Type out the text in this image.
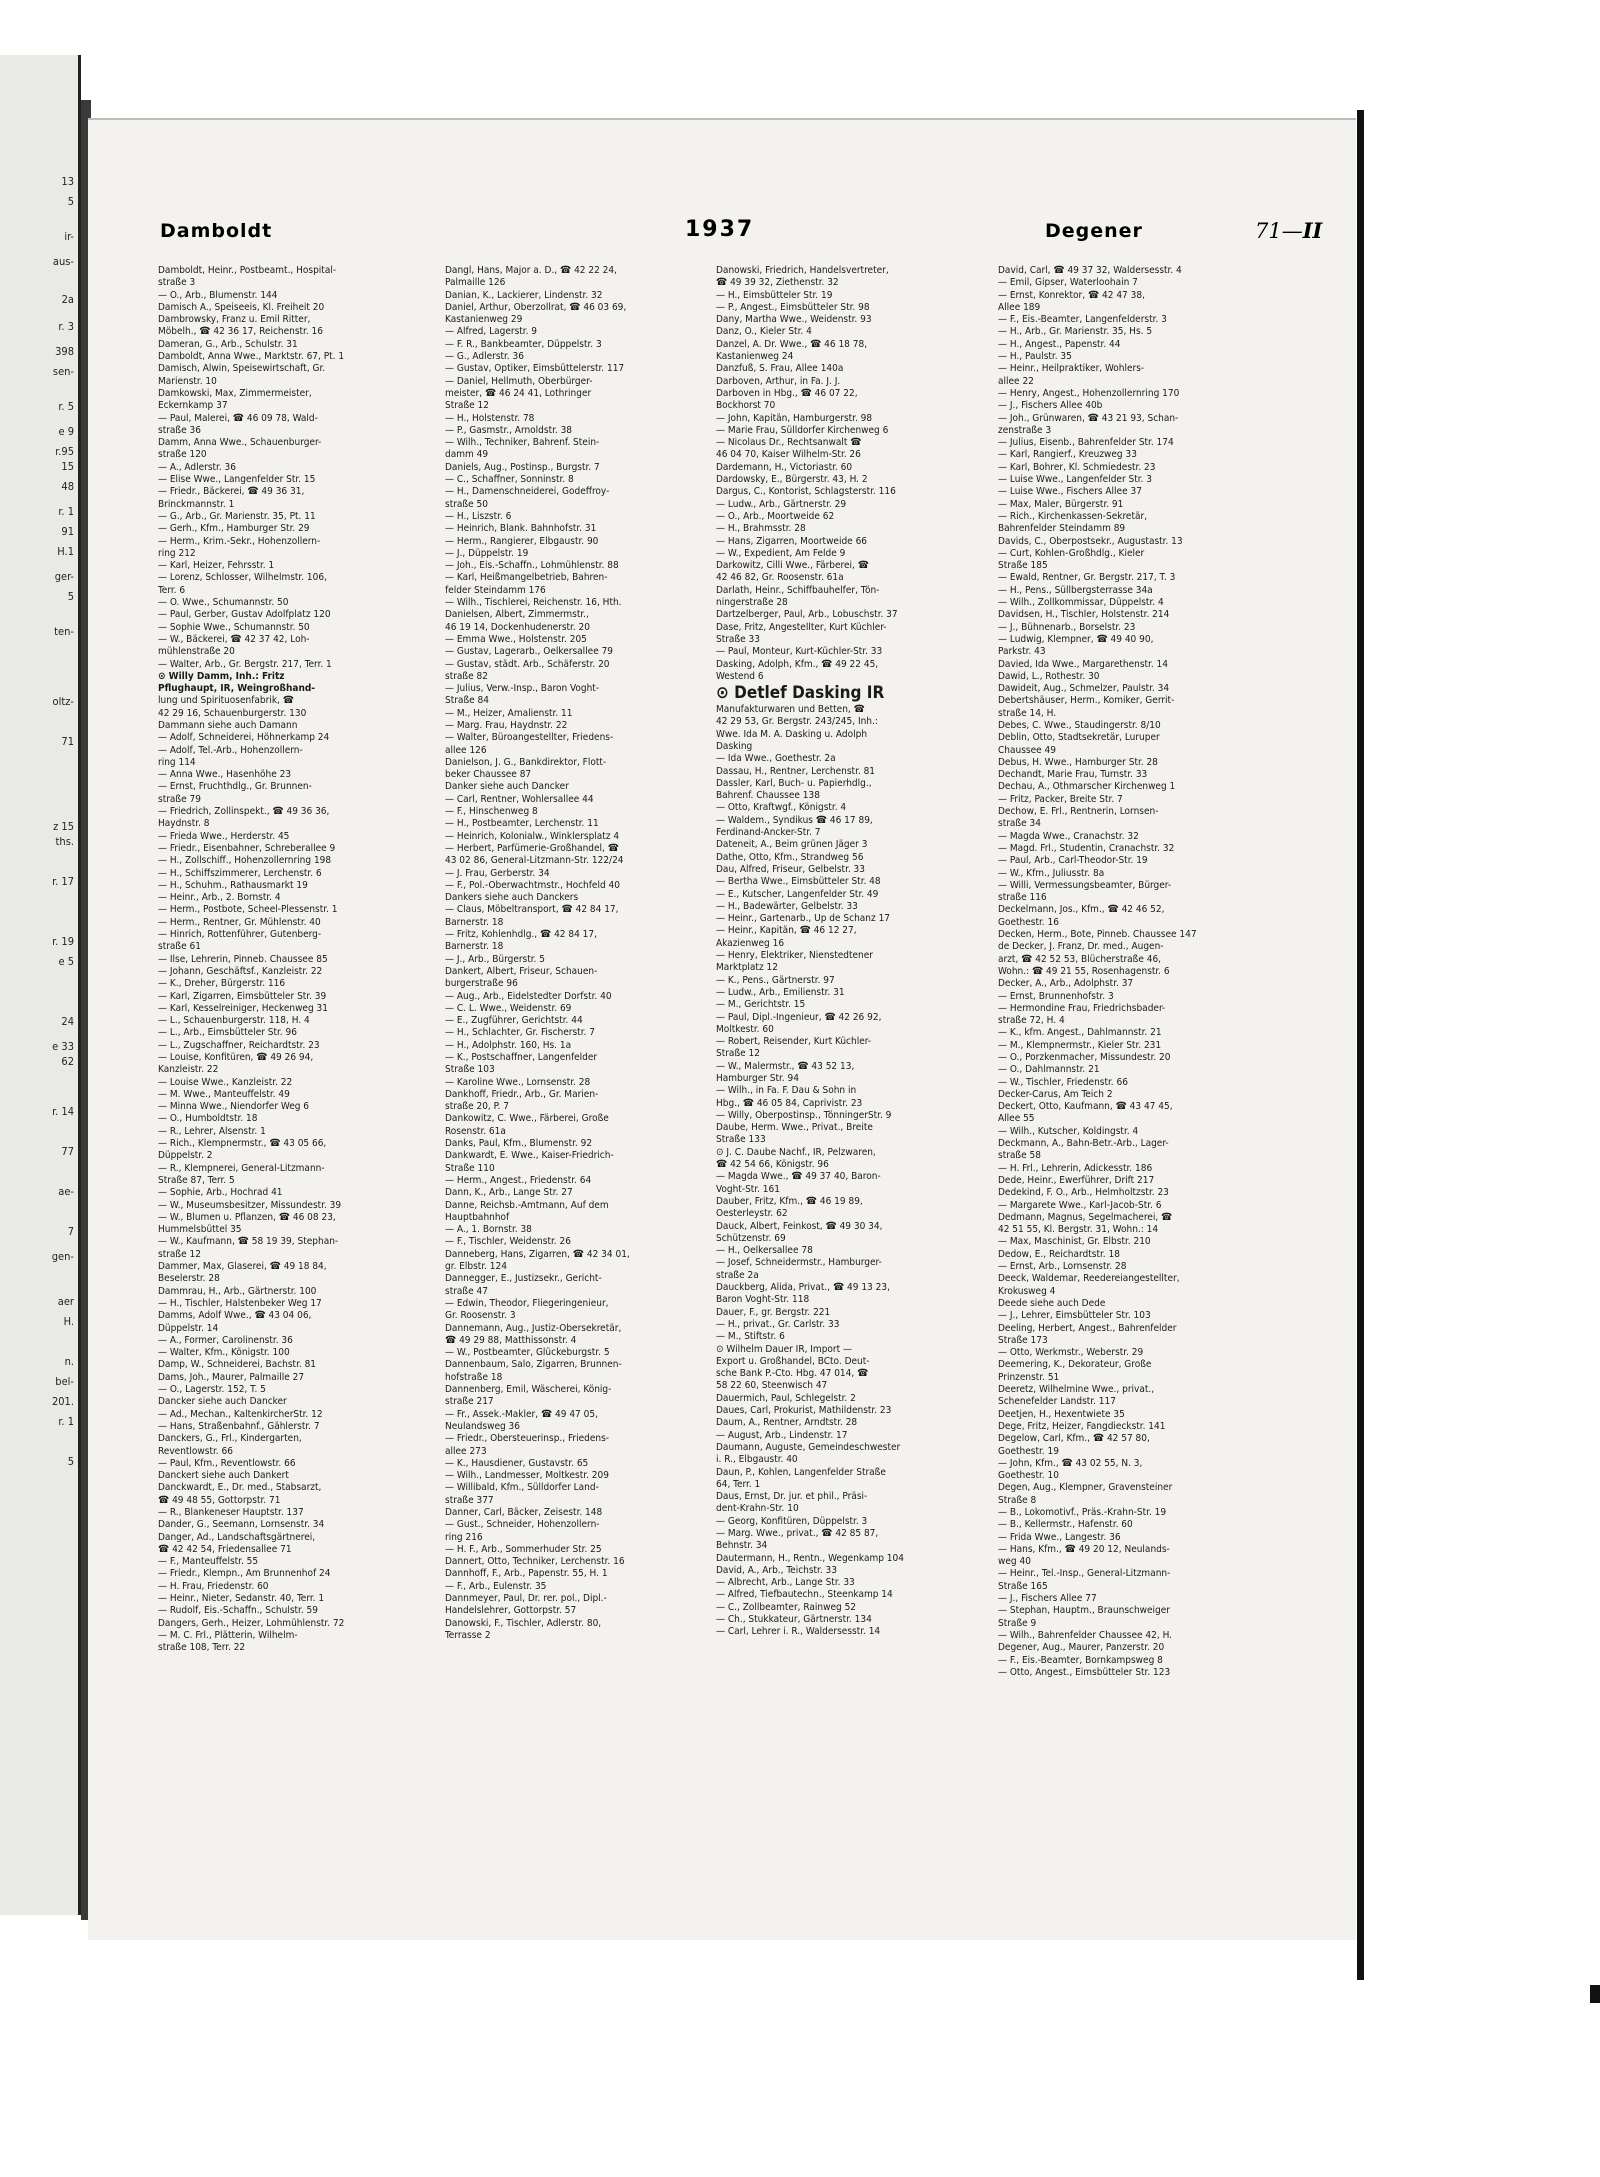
13
5
ir-
aus-
2a
r. 3
398
sen-
r. 5
e 9
r.95
15
48
r. 1
91
H.1
ger-
5
ten-
oltz-
71
z 15
ths.
r. 17
r. 19
e 5
24
e 33
62
r. 14
77
ae-
7
gen-
aer
H.
n.
bel-
201.
r. 1
5
Damboldt	1937	Degener	71—II
Damboldt, Heinr., Postbeamt., Hospital-
straße 3
— O., Arb., Blumenstr. 144
Damisch A., Speiseeis, Kl. Freiheit 20
Dambrowsky, Franz u. Emil Ritter,
Möbelh., ☎ 42 36 17, Reichenstr. 16
Dameran, G., Arb., Schulstr. 31
Damboldt, Anna Wwe., Marktstr. 67, Pt. 1
Damisch, Alwin, Speisewirtschaft, Gr.
Marienstr. 10
Damkowski, Max, Zimmermeister,
Eckernkamp 37
— Paul, Malerei, ☎ 46 09 78, Wald-
straße 36
Damm, Anna Wwe., Schauenburger-
straße 120
— A., Adlerstr. 36
— Elise Wwe., Langenfelder Str. 15
— Friedr., Bäckerei, ☎ 49 36 31,
Brinckmannstr. 1
— G., Arb., Gr. Marienstr. 35, Pt. 11
— Gerh., Kfm., Hamburger Str. 29
— Herm., Krim.-Sekr., Hohenzollern-
ring 212
— Karl, Heizer, Fehrsstr. 1
— Lorenz, Schlosser, Wilhelmstr. 106,
Terr. 6
— O. Wwe., Schumannstr. 50
— Paul, Gerber, Gustav Adolfplatz 120
— Sophie Wwe., Schumannstr. 50
— W., Bäckerei, ☎ 42 37 42, Loh-
mühlenstraße 20
— Walter, Arb., Gr. Bergstr. 217, Terr. 1
⊙ Willy Damm, Inh.: Fritz
Pflughaupt, IR, Weingroßhand-
lung und Spirituosenfabrik, ☎
42 29 16, Schauenburgerstr. 130
Dammann siehe auch Damann
— Adolf, Schneiderei, Höhnerkamp 24
— Adolf, Tel.-Arb., Hohenzollern-
ring 114
— Anna Wwe., Hasenhöhe 23
— Ernst, Fruchthdlg., Gr. Brunnen-
straße 79
— Friedrich, Zollinspekt., ☎ 49 36 36,
Haydnstr. 8
— Frieda Wwe., Herderstr. 45
— Friedr., Eisenbahner, Schreberallee 9
— H., Zollschiff., Hohenzollernring 198
— H., Schiffszimmerer, Lerchenstr. 6
— H., Schuhm., Rathausmarkt 19
— Heinr., Arb., 2. Bornstr. 4
— Herm., Postbote, Scheel-Plessenstr. 1
— Herm., Rentner, Gr. Mühlenstr. 40
— Hinrich, Rottenführer, Gutenberg-
straße 61
— Ilse, Lehrerin, Pinneb. Chaussee 85
— Johann, Geschäftsf., Kanzleistr. 22
— K., Dreher, Bürgerstr. 116
— Karl, Zigarren, Eimsbütteler Str. 39
— Karl, Kesselreiniger, Heckenweg 31
— L., Schauenburgerstr. 118, H. 4
— L., Arb., Eimsbütteler Str. 96
— L., Zugschaffner, Reichardtstr. 23
— Louise, Konfitüren, ☎ 49 26 94,
Kanzleistr. 22
— Louise Wwe., Kanzleistr. 22
— M. Wwe., Manteuffelstr. 49
— Minna Wwe., Niendorfer Weg 6
— O., Humboldtstr. 18
— R., Lehrer, Alsenstr. 1
— Rich., Klempnermstr., ☎ 43 05 66,
Düppelstr. 2
— R., Klempnerei, General-Litzmann-
Straße 87, Terr. 5
— Sophie, Arb., Hochrad 41
— W., Museumsbesitzer, Missundestr. 39
— W., Blumen u. Pflanzen, ☎ 46 08 23,
Hummelsbüttel 35
— W., Kaufmann, ☎ 58 19 39, Stephan-
straße 12
Dammer, Max, Glaserei, ☎ 49 18 84,
Beselerstr. 28
Dammrau, H., Arb., Gärtnerstr. 100
— H., Tischler, Halstenbeker Weg 17
Damms, Adolf Wwe., ☎ 43 04 06,
Düppelstr. 14
— A., Former, Carolinenstr. 36
— Walter, Kfm., Königstr. 100
Damp, W., Schneiderei, Bachstr. 81
Dams, Joh., Maurer, Palmaille 27
— O., Lagerstr. 152, T. 5
Dancker siehe auch Dancker
— Ad., Mechan., KaltenkircherStr. 12
— Hans, Straßenbahnf., Gählerstr. 7
Danckers, G., Frl., Kindergarten,
Reventlowstr. 66
— Paul, Kfm., Reventlowstr. 66
Danckert siehe auch Dankert
Danckwardt, E., Dr. med., Stabsarzt,
☎ 49 48 55, Gottorpstr. 71
— R., Blankeneser Hauptstr. 137
Dander, G., Seemann, Lornsenstr. 34
Danger, Ad., Landschaftsgärtnerei,
☎ 42 42 54, Friedensallee 71
— F., Manteuffelstr. 55
— Friedr., Klempn., Am Brunnenhof 24
— H. Frau, Friedenstr. 60
— Heinr., Nieter, Sedanstr. 40, Terr. 1
— Rudolf, Eis.-Schaffn., Schulstr. 59
Dangers, Gerh., Heizer, Lohmühlenstr. 72
— M. C. Frl., Plätterin, Wilhelm-
straße 108, Terr. 22
Dangl, Hans, Major a. D., ☎ 42 22 24,
Palmaille 126
Danian, K., Lackierer, Lindenstr. 32
Daniel, Arthur, Oberzollrat, ☎ 46 03 69,
Kastanienweg 29
— Alfred, Lagerstr. 9
— F. R., Bankbeamter, Düppelstr. 3
— G., Adlerstr. 36
— Gustav, Optiker, Eimsbüttelerstr. 117
— Daniel, Hellmuth, Oberbürger-
meister, ☎ 46 24 41, Lothringer
Straße 12
— H., Holstenstr. 78
— P., Gasmstr., Arnoldstr. 38
— Wilh., Techniker, Bahrenf. Stein-
damm 49
Daniels, Aug., Postinsp., Burgstr. 7
— C., Schaffner, Sonninstr. 8
— H., Damenschneiderei, Godeffroy-
straße 50
— H., Liszstr. 6
— Heinrich, Blank. Bahnhofstr. 31
— Herm., Rangierer, Elbgaustr. 90
— J., Düppelstr. 19
— Joh., Eis.-Schaffn., Lohmühlenstr. 88
— Karl, Heißmangelbetrieb, Bahren-
felder Steindamm 176
— Wilh., Tischlerei, Reichenstr. 16, Hth.
Danielsen, Albert, Zimmermstr.,
46 19 14, Dockenhudenerstr. 20
— Emma Wwe., Holstenstr. 205
— Gustav, Lagerarb., Oelkersallee 79
— Gustav, städt. Arb., Schäferstr. 20
straße 82
— Julius, Verw.-Insp., Baron Voght-
Straße 84
— M., Heizer, Amalienstr. 11
— Marg. Frau, Haydnstr. 22
— Walter, Büroangestellter, Friedens-
allee 126
Danielson, J. G., Bankdirektor, Flott-
beker Chaussee 87
Danker siehe auch Dancker
— Carl, Rentner, Wohlersallee 44
— F., Hinschenweg 8
— H., Postbeamter, Lerchenstr. 11
— Heinrich, Kolonialw., Winklersplatz 4
— Herbert, Parfümerie-Großhandel, ☎
43 02 86, General-Litzmann-Str. 122/24
— J. Frau, Gerberstr. 34
— F., Pol.-Oberwachtmstr., Hochfeld 40
Dankers siehe auch Danckers
— Claus, Möbeltransport, ☎ 42 84 17,
Barnerstr. 18
— Fritz, Kohlenhdlg., ☎ 42 84 17,
Barnerstr. 18
— J., Arb., Bürgerstr. 5
Dankert, Albert, Friseur, Schauen-
burgerstraße 96
— Aug., Arb., Eidelstedter Dorfstr. 40
— C. L. Wwe., Weidenstr. 69
— E., Zugführer, Gerichtstr. 44
— H., Schlachter, Gr. Fischerstr. 7
— H., Adolphstr. 160, Hs. 1a
— K., Postschaffner, Langenfelder
Straße 103
— Karoline Wwe., Lornsenstr. 28
Dankhoff, Friedr., Arb., Gr. Marien-
straße 20, P. 7
Dankowitz, C. Wwe., Färberei, Große
Rosenstr. 61a
Danks, Paul, Kfm., Blumenstr. 92
Dankwardt, E. Wwe., Kaiser-Friedrich-
Straße 110
— Herm., Angest., Friedenstr. 64
Dann, K., Arb., Lange Str. 27
Danne, Reichsb.-Amtmann, Auf dem
Hauptbahnhof
— A., 1. Bornstr. 38
— F., Tischler, Weidenstr. 26
Danneberg, Hans, Zigarren, ☎ 42 34 01,
gr. Elbstr. 124
Dannegger, E., Justizsekr., Gericht-
straße 47
— Edwin, Theodor, Fliegeringenieur,
Gr. Roosenstr. 3
Dannemann, Aug., Justiz-Obersekretär,
☎ 49 29 88, Matthissonstr. 4
— W., Postbeamter, Glückeburgstr. 5
Dannenbaum, Salo, Zigarren, Brunnen-
hofstraße 18
Dannenberg, Emil, Wäscherei, König-
straße 217
— Fr., Assek.-Makler, ☎ 49 47 05,
Neulandsweg 36
— Friedr., Obersteuerinsp., Friedens-
allee 273
— K., Hausdiener, Gustavstr. 65
— Wilh., Landmesser, Moltkestr. 209
— Willibald, Kfm., Sülldorfer Land-
straße 377
Danner, Carl, Bäcker, Zeisestr. 148
— Gust., Schneider, Hohenzollern-
ring 216
— H. F., Arb., Sommerhuder Str. 25
Dannert, Otto, Techniker, Lerchenstr. 16
Dannhoff, F., Arb., Papenstr. 55, H. 1
— F., Arb., Eulenstr. 35
Dannmeyer, Paul, Dr. rer. pol., Dipl.-
Handelslehrer, Gottorpstr. 57
Danowski, F., Tischler, Adlerstr. 80,
Terrasse 2
Danowski, Friedrich, Handelsvertreter,
☎ 49 39 32, Ziethenstr. 32
— H., Eimsbütteler Str. 19
— P., Angest., Eimsbütteler Str. 98
Dany, Martha Wwe., Weidenstr. 93
Danz, O., Kieler Str. 4
Danzel, A. Dr. Wwe., ☎ 46 18 78,
Kastanienweg 24
Danzfuß, S. Frau, Allee 140a
Darboven, Arthur, in Fa. J. J.
Darboven in Hbg., ☎ 46 07 22,
Bockhorst 70
— John, Kapitän, Hamburgerstr. 98
— Marie Frau, Sülldorfer Kirchenweg 6
— Nicolaus Dr., Rechtsanwalt ☎
46 04 70, Kaiser Wilhelm-Str. 26
Dardemann, H., Victoriastr. 60
Dardowsky, E., Bürgerstr. 43, H. 2
Dargus, C., Kontorist, Schlagsterstr. 116
— Ludw., Arb., Gärtnerstr. 29
— O., Arb., Moortweide 62
— H., Brahmsstr. 28
— Hans, Zigarren, Moortweide 66
— W., Expedient, Am Felde 9
Darkowitz, Cilli Wwe., Färberei, ☎
42 46 82, Gr. Roosenstr. 61a
Darlath, Heinr., Schiffbauhelfer, Tön-
ningerstraße 28
Dartzelberger, Paul, Arb., Lobuschstr. 37
Dase, Fritz, Angestellter, Kurt Küchler-
Straße 33
— Paul, Monteur, Kurt-Küchler-Str. 33
Dasking, Adolph, Kfm., ☎ 49 22 45,
Westend 6
⊙ Detlef Dasking IR
Manufakturwaren und Betten, ☎
42 29 53, Gr. Bergstr. 243/245, Inh.:
Wwe. Ida M. A. Dasking u. Adolph
Dasking
— Ida Wwe., Goethestr. 2a
Dassau, H., Rentner, Lerchenstr. 81
Dassler, Karl, Buch- u. Papierhdlg.,
Bahrenf. Chaussee 138
— Otto, Kraftwgf., Königstr. 4
— Waldem., Syndikus ☎ 46 17 89,
Ferdinand-Ancker-Str. 7
Dateneit, A., Beim grünen Jäger 3
Dathe, Otto, Kfm., Strandweg 56
Dau, Alfred, Friseur, Gelbelstr. 33
— Bertha Wwe., Eimsbütteler Str. 48
— E., Kutscher, Langenfelder Str. 49
— H., Badewärter, Gelbelstr. 33
— Heinr., Gartenarb., Up de Schanz 17
— Heinr., Kapitän, ☎ 46 12 27,
Akazienweg 16
— Henry, Elektriker, Nienstedtener
Marktplatz 12
— K., Pens., Gärtnerstr. 97
— Ludw., Arb., Emilienstr. 31
— M., Gerichtstr. 15
— Paul, Dipl.-Ingenieur, ☎ 42 26 92,
Moltkestr. 60
— Robert, Reisender, Kurt Küchler-
Straße 12
— W., Malermstr., ☎ 43 52 13,
Hamburger Str. 94
— Wilh., in Fa. F. Dau & Sohn in
Hbg., ☎ 46 05 84, Caprivistr. 23
— Willy, Oberpostinsp., TönningerStr. 9
Daube, Herm. Wwe., Privat., Breite
Straße 133
⊙ J. C. Daube Nachf., IR, Pelzwaren,
☎ 42 54 66, Königstr. 96
— Magda Wwe., ☎ 49 37 40, Baron-
Voght-Str. 161
Dauber, Fritz, Kfm., ☎ 46 19 89,
Oesterleystr. 62
Dauck, Albert, Feinkost, ☎ 49 30 34,
Schützenstr. 69
— H., Oelkersallee 78
— Josef, Schneidermstr., Hamburger-
straße 2a
Dauckberg, Alida, Privat., ☎ 49 13 23,
Baron Voght-Str. 118
Dauer, F., gr. Bergstr. 221
— H., privat., Gr. Carlstr. 33
— M., Stiftstr. 6
⊙ Wilhelm Dauer IR, Import —
Export u. Großhandel, BCto. Deut-
sche Bank P.-Cto. Hbg. 47 014, ☎
58 22 60, Steenwisch 47
Dauermich, Paul, Schlegelstr. 2
Daues, Carl, Prokurist, Mathildenstr. 23
Daum, A., Rentner, Arndtstr. 28
— August, Arb., Lindenstr. 17
Daumann, Auguste, Gemeindeschwester
i. R., Elbgaustr. 40
Daun, P., Kohlen, Langenfelder Straße
64, Terr. 1
Daus, Ernst, Dr. jur. et phil., Präsi-
dent-Krahn-Str. 10
— Georg, Konfitüren, Düppelstr. 3
— Marg. Wwe., privat., ☎ 42 85 87,
Behnstr. 34
Dautermann, H., Rentn., Wegenkamp 104
David, A., Arb., Teichstr. 33
— Albrecht, Arb., Lange Str. 33
— Alfred, Tiefbautechn., Steenkamp 14
— C., Zollbeamter, Rainweg 52
— Ch., Stukkateur, Gärtnerstr. 134
— Carl, Lehrer i. R., Waldersesstr. 14
David, Carl, ☎ 49 37 32, Waldersesstr. 4
— Emil, Gipser, Waterloohain 7
— Ernst, Konrektor, ☎ 42 47 38,
Allee 189
— F., Eis.-Beamter, Langenfelderstr. 3
— H., Arb., Gr. Marienstr. 35, Hs. 5
— H., Angest., Papenstr. 44
— H., Paulstr. 35
— Heinr., Heilpraktiker, Wohlers-
allee 22
— Henry, Angest., Hohenzollernring 170
— J., Fischers Allee 40b
— Joh., Grünwaren, ☎ 43 21 93, Schan-
zenstraße 3
— Julius, Eisenb., Bahrenfelder Str. 174
— Karl, Rangierf., Kreuzweg 33
— Karl, Bohrer, Kl. Schmiedestr. 23
— Luise Wwe., Langenfelder Str. 3
— Luise Wwe., Fischers Allee 37
— Max, Maler, Bürgerstr. 91
— Rich., Kirchenkassen-Sekretär,
Bahrenfelder Steindamm 89
Davids, C., Oberpostsekr., Augustastr. 13
— Curt, Kohlen-Großhdlg., Kieler
Straße 185
— Ewald, Rentner, Gr. Bergstr. 217, T. 3
— H., Pens., Süllbergsterrasse 34a
— Wilh., Zollkommissar, Düppelstr. 4
Davidsen, H., Tischler, Holstenstr. 214
— J., Bühnenarb., Borselstr. 23
— Ludwig, Klempner, ☎ 49 40 90,
Parkstr. 43
Davied, Ida Wwe., Margarethenstr. 14
Dawid, L., Rothestr. 30
Dawideit, Aug., Schmelzer, Paulstr. 34
Debertshäuser, Herm., Komiker, Gerrit-
straße 14, H.
Debes, C. Wwe., Staudingerstr. 8/10
Deblin, Otto, Stadtsekretär, Luruper
Chaussee 49
Debus, H. Wwe., Hamburger Str. 28
Dechandt, Marie Frau, Turnstr. 33
Dechau, A., Othmarscher Kirchenweg 1
— Fritz, Packer, Breite Str. 7
Dechow, E. Frl., Rentnerin, Lornsen-
straße 34
— Magda Wwe., Cranachstr. 32
— Magd. Frl., Studentin, Cranachstr. 32
— Paul, Arb., Carl-Theodor-Str. 19
— W., Kfm., Juliusstr. 8a
— Willi, Vermessungsbeamter, Bürger-
straße 116
Deckelmann, Jos., Kfm., ☎ 42 46 52,
Goethestr. 16
Decken, Herm., Bote, Pinneb. Chaussee 147
de Decker, J. Franz, Dr. med., Augen-
arzt, ☎ 42 52 53, Blücherstraße 46,
Wohn.: ☎ 49 21 55, Rosenhagenstr. 6
Decker, A., Arb., Adolphstr. 37
— Ernst, Brunnenhofstr. 3
— Hermondine Frau, Friedrichsbader-
straße 72, H. 4
— K., kfm. Angest., Dahlmannstr. 21
— M., Klempnermstr., Kieler Str. 231
— O., Porzkenmacher, Missundestr. 20
— O., Dahlmannstr. 21
— W., Tischler, Friedenstr. 66
Decker-Carus, Am Teich 2
Deckert, Otto, Kaufmann, ☎ 43 47 45,
Allee 55
— Wilh., Kutscher, Koldingstr. 4
Deckmann, A., Bahn-Betr.-Arb., Lager-
straße 58
— H. Frl., Lehrerin, Adickesstr. 186
Dede, Heinr., Ewerführer, Drift 217
Dedekind, F. O., Arb., Helmholtzstr. 23
— Margarete Wwe., Karl-Jacob-Str. 6
Dedmann, Magnus, Segelmacherei, ☎
42 51 55, Kl. Bergstr. 31, Wohn.: 14
— Max, Maschinist, Gr. Elbstr. 210
Dedow, E., Reichardtstr. 18
— Ernst, Arb., Lornsenstr. 28
Deeck, Waldemar, Reedereiangestellter,
Krokusweg 4
Deede siehe auch Dede
— J., Lehrer, Eimsbütteler Str. 103
Deeling, Herbert, Angest., Bahrenfelder
Straße 173
— Otto, Werkmstr., Weberstr. 29
Deemering, K., Dekorateur, Große
Prinzenstr. 51
Deeretz, Wilhelmine Wwe., privat.,
Schenefelder Landstr. 117
Deetjen, H., Hexentwiete 35
Dege, Fritz, Heizer, Fangdieckstr. 141
Degelow, Carl, Kfm., ☎ 42 57 80,
Goethestr. 19
— John, Kfm., ☎ 43 02 55, N. 3,
Goethestr. 10
Degen, Aug., Klempner, Gravensteiner
Straße 8
— B., Lokomotivf., Präs.-Krahn-Str. 19
— B., Kellermstr., Hafenstr. 60
— Frida Wwe., Langestr. 36
— Hans, Kfm., ☎ 49 20 12, Neulands-
weg 40
— Heinr., Tel.-Insp., General-Litzmann-
Straße 165
— J., Fischers Allee 77
— Stephan, Hauptm., Braunschweiger
Straße 9
— Wilh., Bahrenfelder Chaussee 42, H.
Degener, Aug., Maurer, Panzerstr. 20
— F., Eis.-Beamter, Bornkampsweg 8
— Otto, Angest., Eimsbütteler Str. 123
